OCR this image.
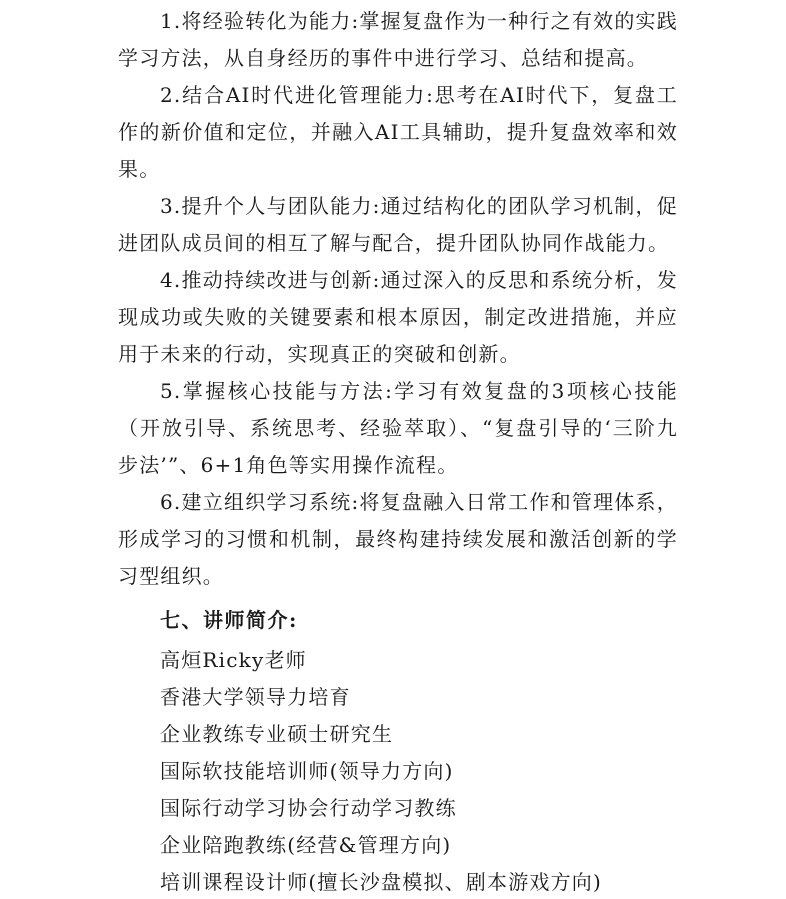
1.将经验转化为能力:掌握复盘作为一种行之有效的实践学习方法，从自身经历的事件中进行学习、总结和提高。

2.结合AI时代进化管理能力:思考在AI时代下，复盘工作的新价值和定位，并融入AI工具辅助，提升复盘效率和效果。

3.提升个人与团队能力:通过结构化的团队学习机制，促进团队成员间的相互了解与配合，提升团队协同作战能力。

4.推动持续改进与创新:通过深入的反思和系统分析，发现成功或失败的关键要素和根本原因，制定改进措施，并应用于未来的行动，实现真正的突破和创新。

5.掌握核心技能与方法:学习有效复盘的3项核心技能（开放引导、系统思考、经验萃取）、“复盘引导的‘三阶九步法’”、6+1角色等实用操作流程。

6.建立组织学习系统:将复盘融入日常工作和管理体系，形成学习的习惯和机制，最终构建持续发展和激活创新的学习型组织。

七、讲师简介:

高烜Ricky老师

香港大学领导力培育

企业教练专业硕士研究生

国际软技能培训师(领导力方向)

国际行动学习协会行动学习教练

企业陪跑教练(经营&管理方向)

培训课程设计师(擅长沙盘模拟、剧本游戏方向)
